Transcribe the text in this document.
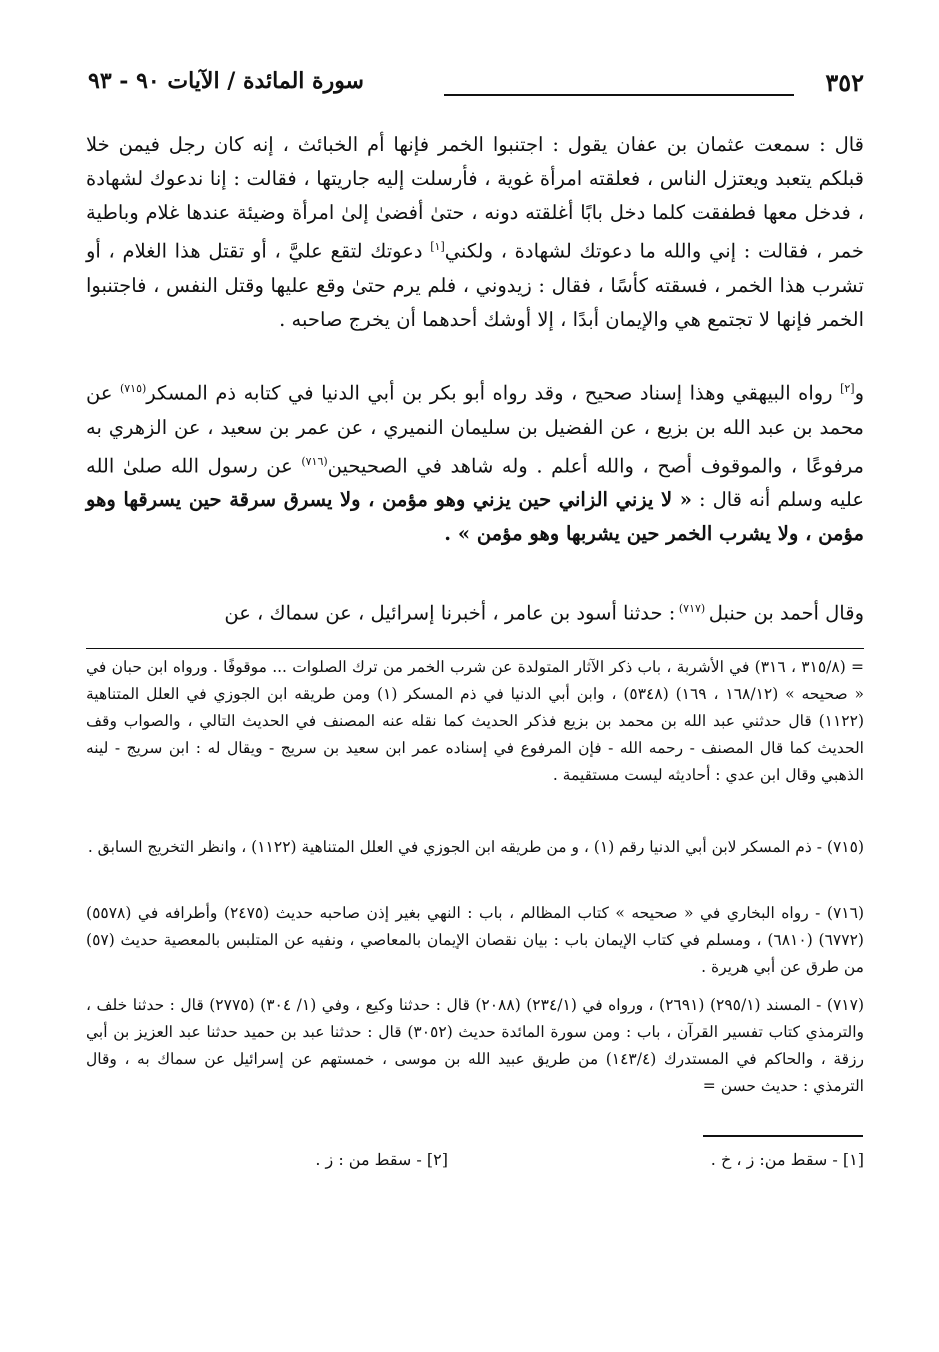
٣٥٢
سورة المائدة / الآيات ٩٠ - ٩٣

قال : سمعت عثمان بن عفان يقول : اجتنبوا الخمر فإنها أم الخبائث ، إنه كان رجل فيمن خلا قبلكم يتعبد ويعتزل الناس ، فعلقته امرأة غوية ، فأرسلت إليه جاريتها ، فقالت : إنا ندعوك لشهادة ، فدخل معها فطفقت كلما دخل بابًا أغلقته دونه ، حتىٰ أفضىٰ إلىٰ امرأة وضيئة عندها غلام وباطية خمر ، فقالت : إني والله ما دعوتك لشهادة ، ولكني[١] دعوتك لتقع عليَّ ، أو تقتل هذا الغلام ، أو تشرب هذا الخمر ، فسقته كأسًا ، فقال : زيدوني ، فلم يرم حتىٰ وقع عليها وقتل النفس ، فاجتنبوا الخمر فإنها لا تجتمع هي والإيمان أبدًا ، إلا أوشك أحدهما أن يخرج صاحبه .

و[٢] رواه البيهقي وهذا إسناد صحيح ، وقد رواه أبو بكر بن أبي الدنيا في كتابه ذم المسكر$^{(٧١٥)}$ عن محمد بن عبد الله بن بزيع ، عن الفضيل بن سليمان النميري ، عن عمر بن سعيد ، عن الزهري به مرفوعًا ، والموقوف أصح ، والله أعلم . وله شاهد في الصحيحين$^{(٧١٦)}$ عن رسول الله صلىٰ الله عليه وسلم أنه قال : « لا يزني الزاني حين يزني وهو مؤمن ، ولا يسرق سرقة حين يسرقها وهو مؤمن ، ولا يشرب الخمر حين يشربها وهو مؤمن » .

وقال أحمد بن حنبل $^{(٧١٧)}$ : حدثنا أسود بن عامر ، أخبرنا إسرائيل ، عن سماك ، عن

= (٣١٥/٨ ، ٣١٦) في الأشربة ، باب ذكر الآثار المتولدة عن شرب الخمر من ترك الصلوات ... موقوفًا . ورواه ابن حبان في « صحيحه » (١٦٨/١٢ ، ١٦٩) (٥٣٤٨) ، وابن أبي الدنيا في ذم المسكر (١) ومن طريقه ابن الجوزي في العلل المتناهية (١١٢٢) قال حدثني عبد الله بن محمد بن بزيع فذكر الحديث كما نقله عنه المصنف في الحديث التالي ، والصواب وقف الحديث كما قال المصنف - رحمه الله - فإن المرفوع في إسناده عمر ابن سعيد بن سريج - ويقال له : ابن سريج - لينه الذهبي وقال ابن عدي : أحاديثه ليست مستقيمة .

(٧١٥) - ذم المسكر لابن أبي الدنيا رقم (١) ، و من طريقه ابن الجوزي في العلل المتناهية (١١٢٢) ، وانظر التخريج السابق .

(٧١٦) - رواه البخاري في « صحيحه » كتاب المظالم ، باب : النهي بغير إذن صاحبه حديث (٢٤٧٥) وأطرافه في (٥٥٧٨) (٦٧٧٢) (٦٨١٠) ، ومسلم في كتاب الإيمان باب : بيان نقصان الإيمان بالمعاصي ، ونفيه عن المتلبس بالمعصية حديث (٥٧) من طرق عن أبي هريرة .

(٧١٧) - المسند (٢٩٥/١) (٢٦٩١) ، ورواه في (٢٣٤/١) (٢٠٨٨) قال : حدثنا وكيع ، وفي (١/ ٣٠٤) (٢٧٧٥) قال : حدثنا خلف ، والترمذي كتاب تفسير القرآن ، باب : ومن سورة المائدة حديث (٣٠٥٢) قال : حدثنا عبد بن حميد حدثنا عبد العزيز بن أبي رزقة ، والحاكم في المستدرك (١٤٣/٤) من طريق عبيد الله بن موسى ، خمستهم عن إسرائيل عن سماك به ، وقال الترمذي : حديث حسن =

[١] - سقط من: ز ، خ .
[٢] - سقط من : ز .
